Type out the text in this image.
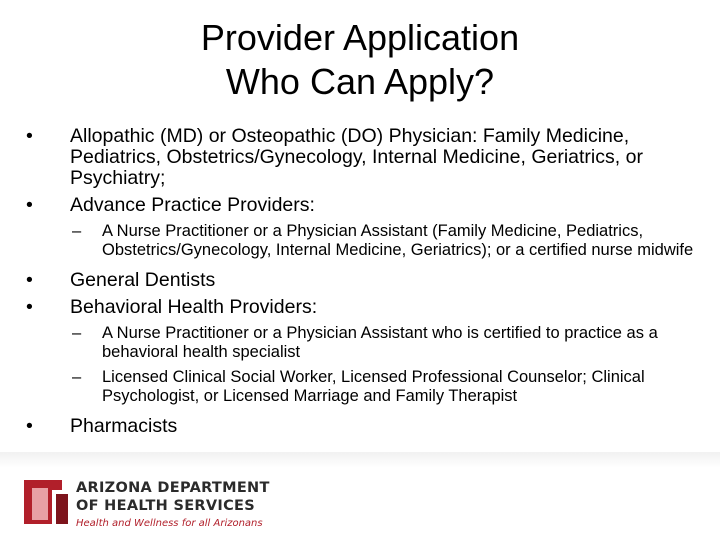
Provider Application
Who Can Apply?
•	Allopathic (MD) or Osteopathic (DO) Physician: Family Medicine, Pediatrics, Obstetrics/Gynecology, Internal Medicine, Geriatrics, or Psychiatry;
•	Advance Practice Providers:
– A Nurse Practitioner or a Physician Assistant (Family Medicine, Pediatrics, Obstetrics/Gynecology, Internal Medicine, Geriatrics); or a certified nurse midwife
•	General Dentists
•	Behavioral Health Providers:
– A Nurse Practitioner or a Physician Assistant who is certified to practice as a behavioral health specialist
– Licensed Clinical Social Worker, Licensed Professional Counselor; Clinical Psychologist, or Licensed Marriage and Family Therapist
•	Pharmacists
ARIZONA DEPARTMENT
OF HEALTH SERVICES
Health and Wellness for all Arizonans
